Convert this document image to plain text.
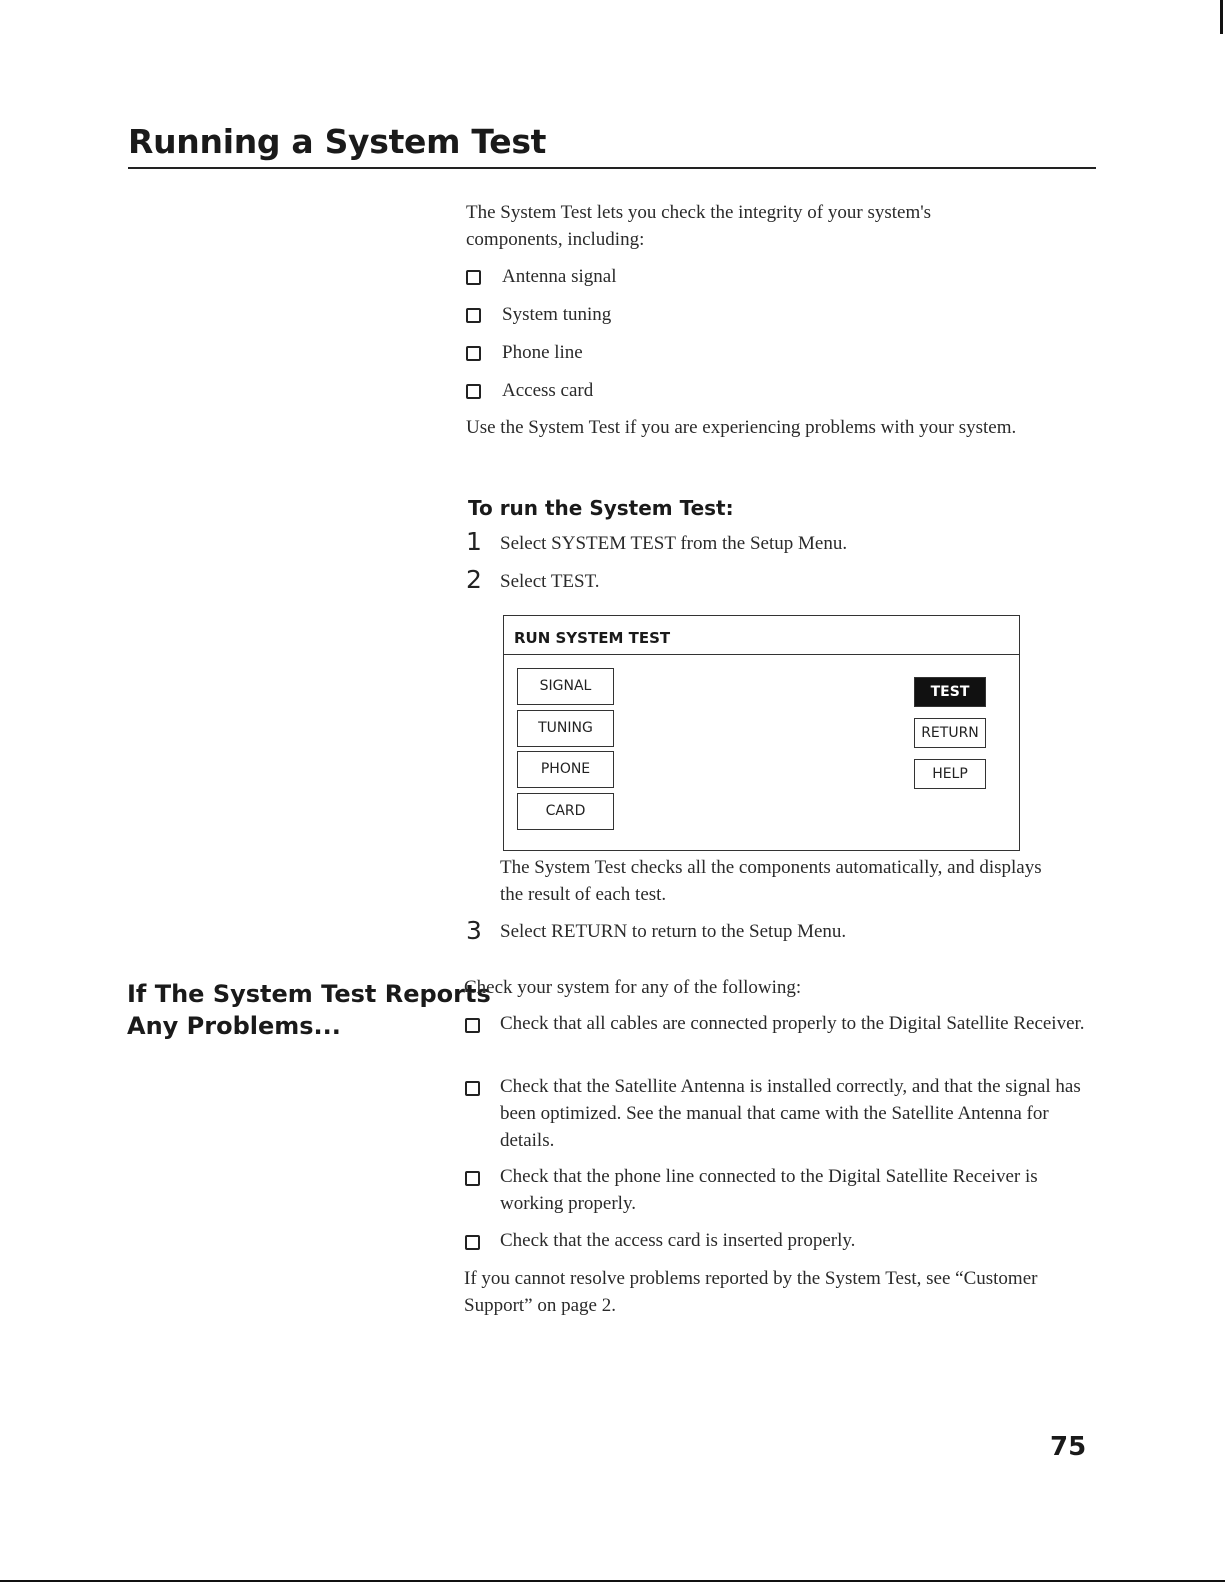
Running a System Test
The System Test lets you check the integrity of your system's components, including:
Antenna signal
System tuning
Phone line
Access card
Use the System Test if you are experiencing problems with your system.
To run the System Test:
1 Select SYSTEM TEST from the Setup Menu.
2 Select TEST.
RUN SYSTEM TEST
SIGNAL
TUNING
PHONE
CARD
TEST
RETURN
HELP
The System Test checks all the components automatically, and displays the result of each test.
3 Select RETURN to return to the Setup Menu.
If The System Test Reports
Any Problems...
Check your system for any of the following:
Check that all cables are connected properly to the Digital Satellite Receiver.
Check that the Satellite Antenna is installed correctly, and that the signal has been optimized. See the manual that came with the Satellite Antenna for details.
Check that the phone line connected to the Digital Satellite Receiver is working properly.
Check that the access card is inserted properly.
If you cannot resolve problems reported by the System Test, see “Customer Support” on page 2.
75
